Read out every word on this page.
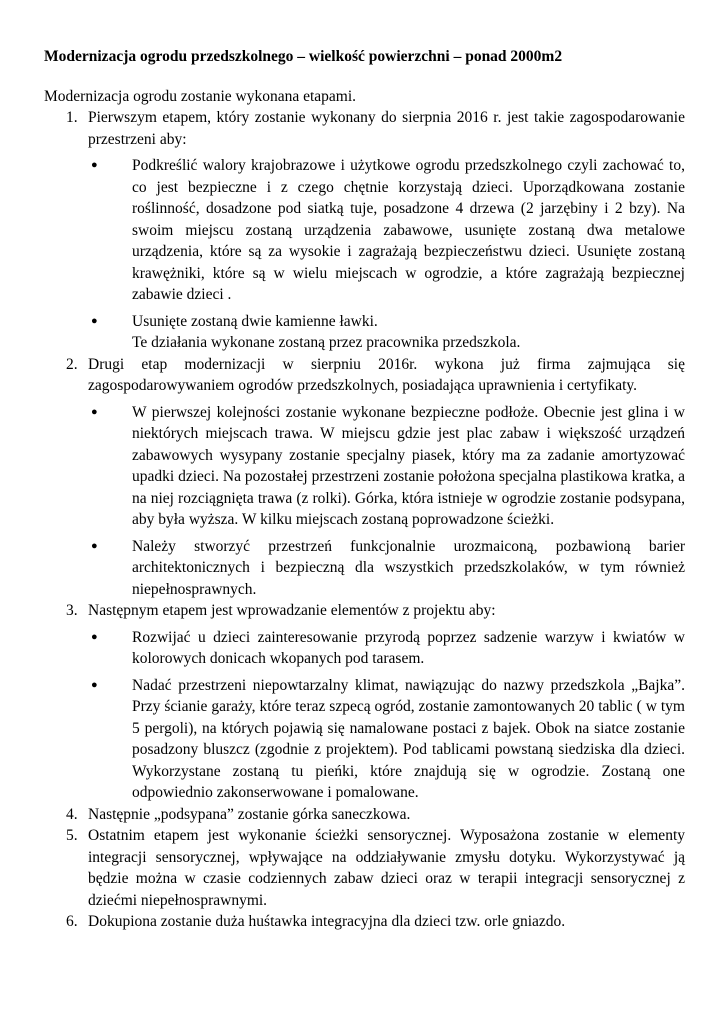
Modernizacja ogrodu przedszkolnego – wielkość powierzchni – ponad 2000m2
Modernizacja ogrodu zostanie wykonana etapami.
1. Pierwszym etapem, który zostanie wykonany do sierpnia 2016 r. jest takie zagospodarowanie przestrzeni aby:
● Podkreślić walory krajobrazowe i użytkowe ogrodu przedszkolnego czyli zachować to, co jest bezpieczne i z czego chętnie korzystają dzieci. Uporządkowana zostanie roślinność, dosadzone pod siatką tuje, posadzone 4 drzewa (2 jarzębiny i 2 bzy). Na swoim miejscu zostaną urządzenia zabawowe, usunięte zostaną dwa metalowe urządzenia, które są za wysokie i zagrażają bezpieczeństwu dzieci. Usunięte zostaną krawężniki, które są w wielu miejscach w ogrodzie, a które zagrażają bezpiecznej zabawie dzieci .
● Usunięte zostaną dwie kamienne ławki.
Te działania wykonane zostaną przez pracownika przedszkola.
2. Drugi etap modernizacji w sierpniu 2016r. wykona już firma zajmująca się zagospodarowywaniem ogrodów przedszkolnych, posiadająca uprawnienia i certyfikaty.
● W pierwszej kolejności zostanie wykonane bezpieczne podłoże. Obecnie jest glina i w niektórych miejscach trawa. W miejscu gdzie jest plac zabaw i większość urządzeń zabawowych wysypany zostanie specjalny piasek, który ma za zadanie amortyzować upadki dzieci. Na pozostałej przestrzeni zostanie położona specjalna plastikowa kratka, a na niej rozciągnięta trawa (z rolki). Górka, która istnieje w ogrodzie zostanie podsypana, aby była wyższa. W kilku miejscach zostaną poprowadzone ścieżki.
● Należy stworzyć przestrzeń funkcjonalnie urozmaiconą, pozbawioną barier architektonicznych i bezpieczną dla wszystkich przedszkolaków, w tym również niepełnosprawnych.
3. Następnym etapem jest wprowadzanie elementów z projektu aby:
● Rozwijać u dzieci zainteresowanie przyrodą poprzez sadzenie warzyw i kwiatów w kolorowych donicach wkopanych pod tarasem.
● Nadać przestrzeni niepowtarzalny klimat, nawiązując do nazwy przedszkola „Bajka”. Przy ścianie garaży, które teraz szpecą ogród, zostanie zamontowanych 20 tablic ( w tym 5 pergoli), na których pojawią się namalowane postaci z bajek. Obok na siatce zostanie posadzony bluszcz (zgodnie z projektem). Pod tablicami powstaną siedziska dla dzieci. Wykorzystane zostaną tu pieńki, które znajdują się w ogrodzie. Zostaną one odpowiednio zakonserwowane i pomalowane.
4. Następnie „podsypana” zostanie górka saneczkowa.
5. Ostatnim etapem jest wykonanie ścieżki sensorycznej. Wyposażona zostanie w elementy integracji sensorycznej, wpływające na oddziaływanie zmysłu dotyku. Wykorzystywać ją będzie można w czasie codziennych zabaw dzieci oraz w terapii integracji sensorycznej z dziećmi niepełnosprawnymi.
6. Dokupiona zostanie duża huśtawka integracyjna dla dzieci tzw. orle gniazdo.
